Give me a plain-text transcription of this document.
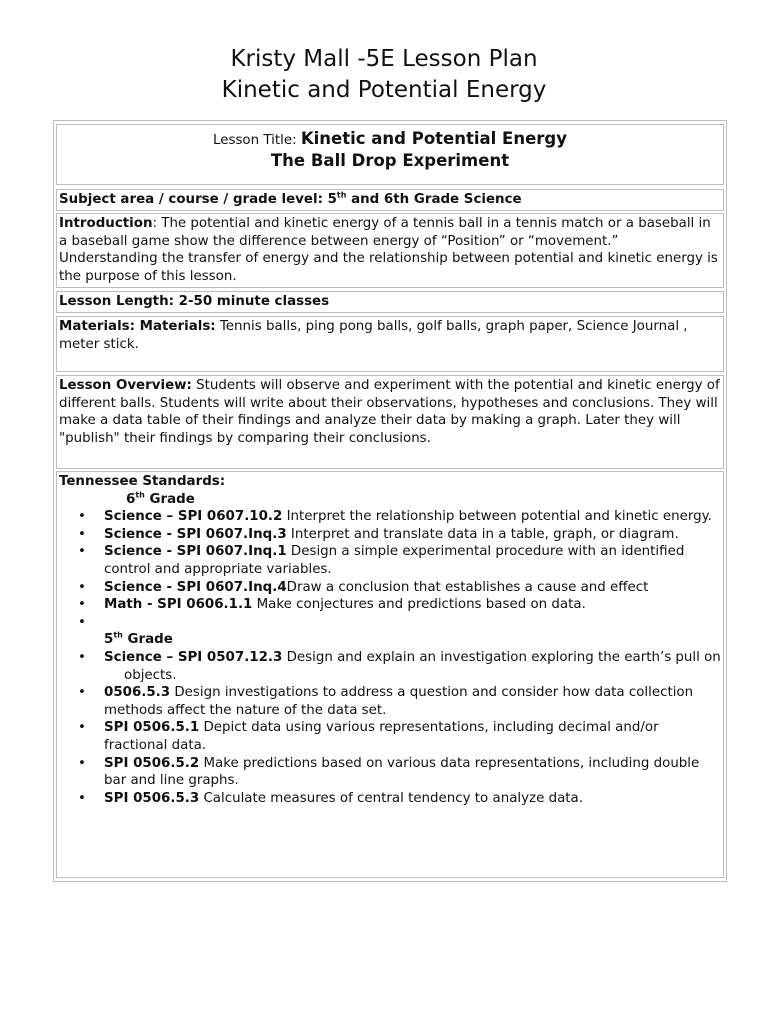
Kristy Mall -5E Lesson Plan
Kinetic and Potential Energy
Lesson Title: Kinetic and Potential Energy
The Ball Drop Experiment
Subject area / course / grade level: 5th and 6th Grade Science
Introduction: The potential and kinetic energy of a tennis ball in a tennis match or a baseball in a baseball game show the difference between energy of “Position” or “movement.” Understanding the transfer of energy and the relationship between potential and kinetic energy is the purpose of this lesson.
Lesson Length: 2-50 minute classes
Materials: Materials: Tennis balls, ping pong balls, golf balls, graph paper, Science Journal , meter stick.
Lesson Overview: Students will observe and experiment with the potential and kinetic energy of different balls. Students will write about their observations, hypotheses and conclusions. They will make a data table of their findings and analyze their data by making a graph. Later they will "publish" their findings by comparing their conclusions.
Tennessee Standards:
6th Grade
• Science – SPI 0607.10.2 Interpret the relationship between potential and kinetic energy.
• Science - SPI 0607.Inq.3 Interpret and translate data in a table, graph, or diagram.
• Science - SPI 0607.Inq.1 Design a simple experimental procedure with an identified control and appropriate variables.
• Science - SPI 0607.Inq.4Draw a conclusion that establishes a cause and effect
• Math - SPI 0606.1.1 Make conjectures and predictions based on data.
•
5th Grade
• Science – SPI 0507.12.3 Design and explain an investigation exploring the earth’s pull on
objects.
• 0506.5.3 Design investigations to address a question and consider how data collection methods affect the nature of the data set.
• SPI 0506.5.1 Depict data using various representations, including decimal and/or fractional data.
• SPI 0506.5.2 Make predictions based on various data representations, including double bar and line graphs.
• SPI 0506.5.3 Calculate measures of central tendency to analyze data.
